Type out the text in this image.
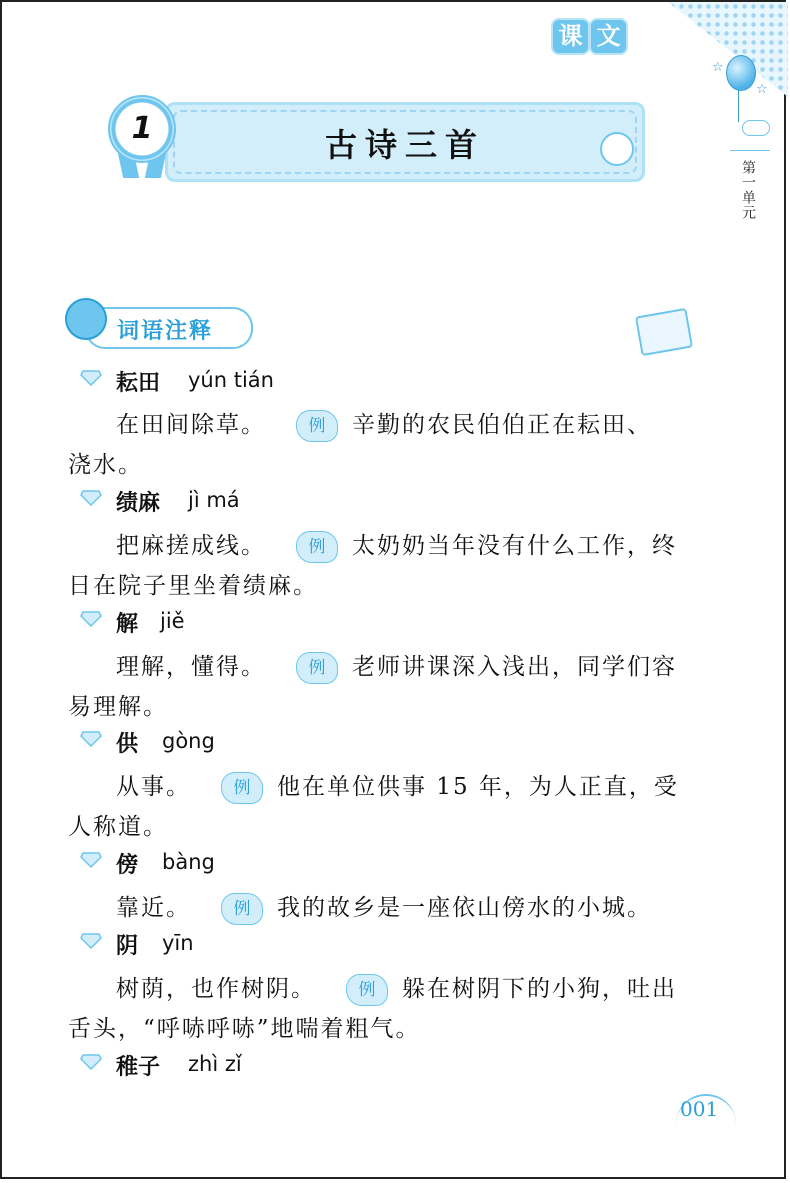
课 文
☆
☆
第一单元
古诗三首
1
词语注释
耘田 yún tián
在田间除草。	例 辛勤的农民伯伯正在耘田、
浇水。
绩麻 jì má
把麻搓成线。	例 太奶奶当年没有什么工作，终
日在院子里坐着绩麻。
解 jiě
理解，懂得。	例 老师讲课深入浅出，同学们容
易理解。
供 gòng
从事。	例 他在单位供事 15 年，为人正直，受
人称道。
傍 bàng
靠近。	例 我的故乡是一座依山傍水的小城。
阴 yīn
树荫，也作树阴。	例 躲在树阴下的小狗，吐出
舌头，“呼哧呼哧”地喘着粗气。
稚子 zhì zǐ
001
